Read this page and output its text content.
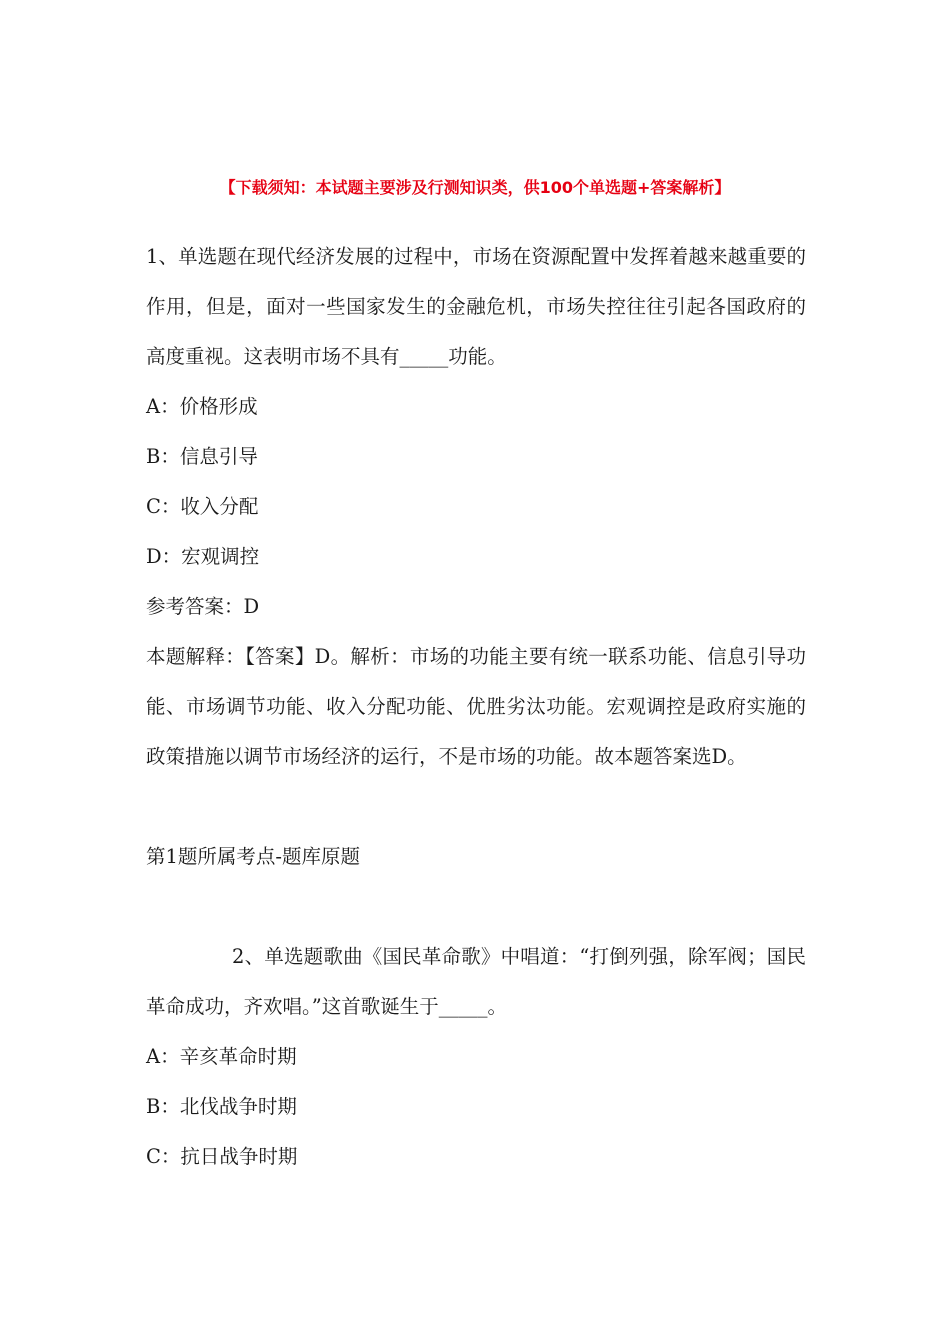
【下载须知：本试题主要涉及行测知识类，供100个单选题+答案解析】

1、单选题在现代经济发展的过程中，市场在资源配置中发挥着越来越重要的作用，但是，面对一些国家发生的金融危机，市场失控往往引起各国政府的高度重视。这表明市场不具有_____功能。

A：价格形成

B：信息引导

C：收入分配

D：宏观调控

参考答案：D

本题解释：【答案】D。解析：市场的功能主要有统一联系功能、信息引导功能、市场调节功能、收入分配功能、优胜劣汰功能。宏观调控是政府实施的政策措施以调节市场经济的运行，不是市场的功能。故本题答案选D。

第1题所属考点-题库原题

2、单选题歌曲《国民革命歌》中唱道：“打倒列强，除军阀；国民革命成功，齐欢唱。”这首歌诞生于_____。

A：辛亥革命时期

B：北伐战争时期

C：抗日战争时期
